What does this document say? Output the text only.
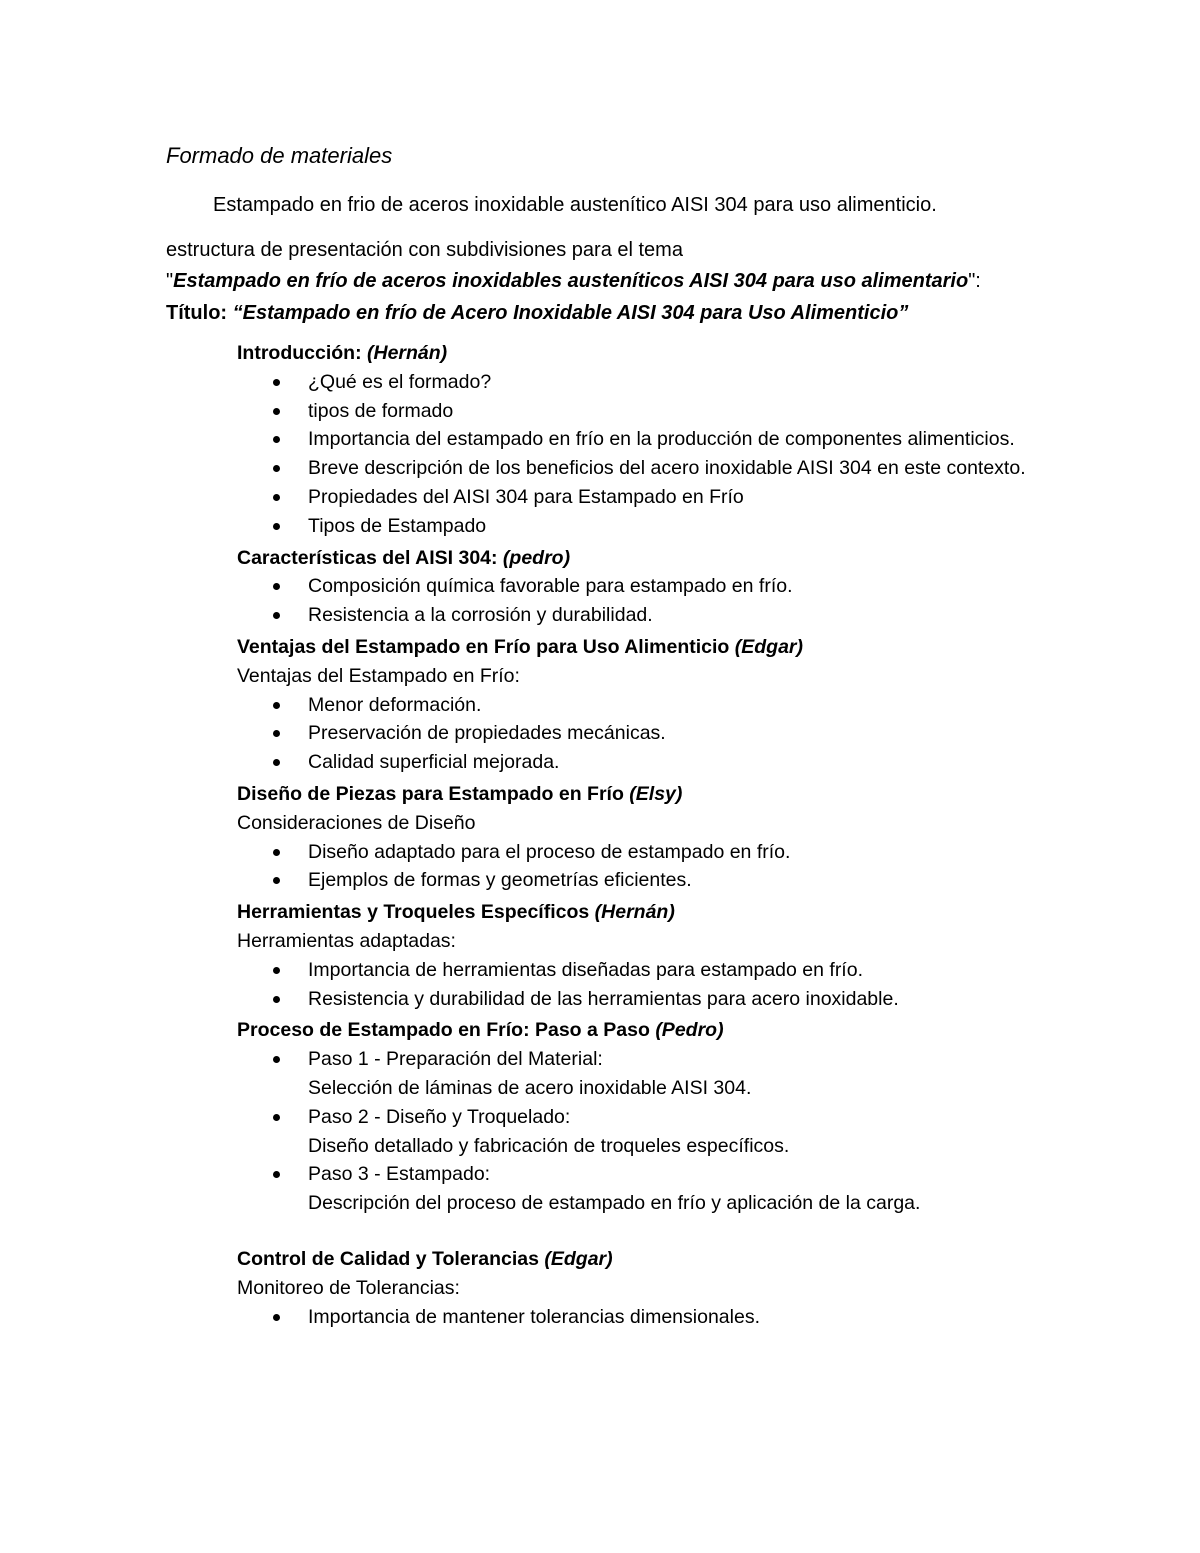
Formado de materiales
Estampado en frio de aceros inoxidable austenítico AISI 304 para uso alimenticio.
estructura de presentación con subdivisiones para el tema
"Estampado en frío de aceros inoxidables austeníticos AISI 304 para uso alimentario":
Título: “Estampado en frío de Acero Inoxidable AISI 304 para Uso Alimenticio”
Introducción: (Hernán)
¿Qué es el formado?
tipos de formado
Importancia del estampado en frío en la producción de componentes alimenticios.
Breve descripción de los beneficios del acero inoxidable AISI 304 en este contexto.
Propiedades del AISI 304 para Estampado en Frío
Tipos de Estampado
Características del AISI 304: (pedro)
Composición química favorable para estampado en frío.
Resistencia a la corrosión y durabilidad.
Ventajas del Estampado en Frío para Uso Alimenticio (Edgar)
Ventajas del Estampado en Frío:
Menor deformación.
Preservación de propiedades mecánicas.
Calidad superficial mejorada.
Diseño de Piezas para Estampado en Frío (Elsy)
Consideraciones de Diseño
Diseño adaptado para el proceso de estampado en frío.
Ejemplos de formas y geometrías eficientes.
Herramientas y Troqueles Específicos (Hernán)
Herramientas adaptadas:
Importancia de herramientas diseñadas para estampado en frío.
Resistencia y durabilidad de las herramientas para acero inoxidable.
Proceso de Estampado en Frío: Paso a Paso (Pedro)
Paso 1 - Preparación del Material:
Selección de láminas de acero inoxidable AISI 304.
Paso 2 - Diseño y Troquelado:
Diseño detallado y fabricación de troqueles específicos.
Paso 3 - Estampado:
Descripción del proceso de estampado en frío y aplicación de la carga.
Control de Calidad y Tolerancias (Edgar)
Monitoreo de Tolerancias:
Importancia de mantener tolerancias dimensionales.
